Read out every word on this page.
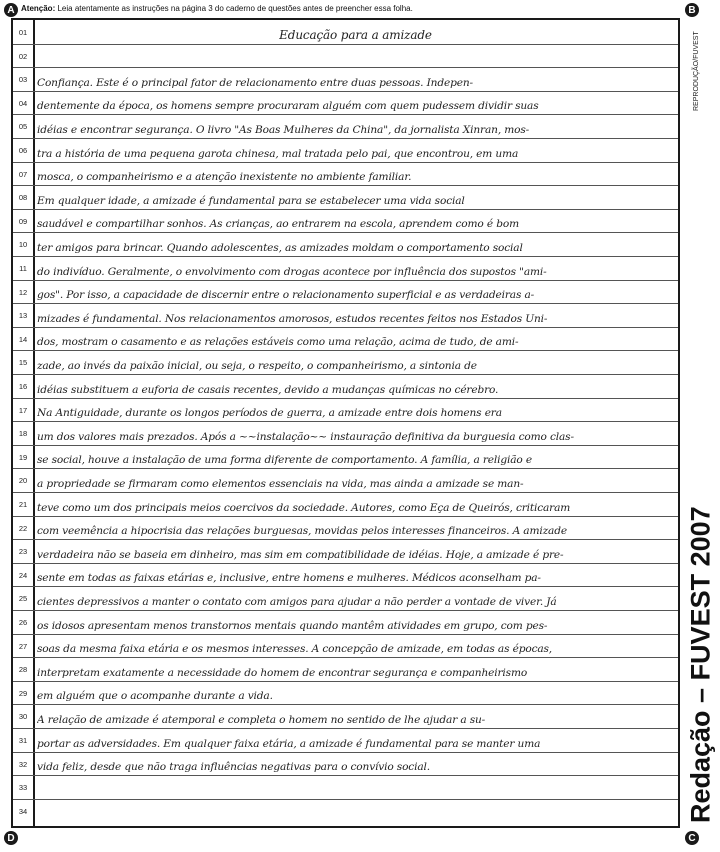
A	B
C
D
Atenção: Leia atentamente as instruções na página 3 do caderno de questões antes de preencher essa folha.
01	Educação para a amizade
02
03 Confiança. Este é o principal fator de relacionamento entre duas pessoas. Indepen-
04 dentemente da época, os homens sempre procuraram alguém com quem pudessem dividir suas
05 idéias e encontrar segurança. O livro "As Boas Mulheres da China", da jornalista Xinran, mos-
06 tra a história de uma pequena garota chinesa, mal tratada pelo pai, que encontrou, em uma
07 mosca, o companheirismo e a atenção inexistente no ambiente familiar.
08 Em qualquer idade, a amizade é fundamental para se estabelecer uma vida social
09 saudável e compartilhar sonhos. As crianças, ao entrarem na escola, aprendem como é bom
10 ter amigos para brincar. Quando adolescentes, as amizades moldam o comportamento social
11 do indivíduo. Geralmente, o envolvimento com drogas acontece por influência dos supostos "ami-
12 gos". Por isso, a capacidade de discernir entre o relacionamento superficial e as verdadeiras a-
13 mizades é fundamental. Nos relacionamentos amorosos, estudos recentes feitos nos Estados Uni-
14 dos, mostram o casamento e as relações estáveis como uma relação, acima de tudo, de ami-
15 zade, ao invés da paixão inicial, ou seja, o respeito, o companheirismo, a sintonia de
16 idéias substituem a euforia de casais recentes, devido a mudanças químicas no cérebro.
17 Na Antiguidade, durante os longos períodos de guerra, a amizade entre dois homens era
18 um dos valores mais prezados. Após a ~~instalação~~ instauração definitiva da burguesia como clas-
19 se social, houve a instalação de uma forma diferente de comportamento. A família, a religião e
20 a propriedade se firmaram como elementos essenciais na vida, mas ainda a amizade se man-
21 teve como um dos principais meios coercivos da sociedade. Autores, como Eça de Queirós, criticaram
22 com veemência a hipocrisia das relações burguesas, movidas pelos interesses financeiros. A amizade
23 verdadeira não se baseia em dinheiro, mas sim em compatibilidade de idéias. Hoje, a amizade é pre-
24 sente em todas as faixas etárias e, inclusive, entre homens e mulheres. Médicos aconselham pa-
25 cientes depressivos a manter o contato com amigos para ajudar a não perder a vontade de viver. Já
26 os idosos apresentam menos transtornos mentais quando mantêm atividades em grupo, com pes-
27 soas da mesma faixa etária e os mesmos interesses. A concepção de amizade, em todas as épocas,
28 interpretam exatamente a necessidade do homem de encontrar segurança e companheirismo
29 em alguém que o acompanhe durante a vida.
30 A relação de amizade é atemporal e completa o homem no sentido de lhe ajudar a su-
31 portar as adversidades. Em qualquer faixa etária, a amizade é fundamental para se manter uma
32 vida feliz, desde que não traga influências negativas para o convívio social.
33
34
REPRODUÇÃO/FUVEST
Redação – FUVEST 2007
